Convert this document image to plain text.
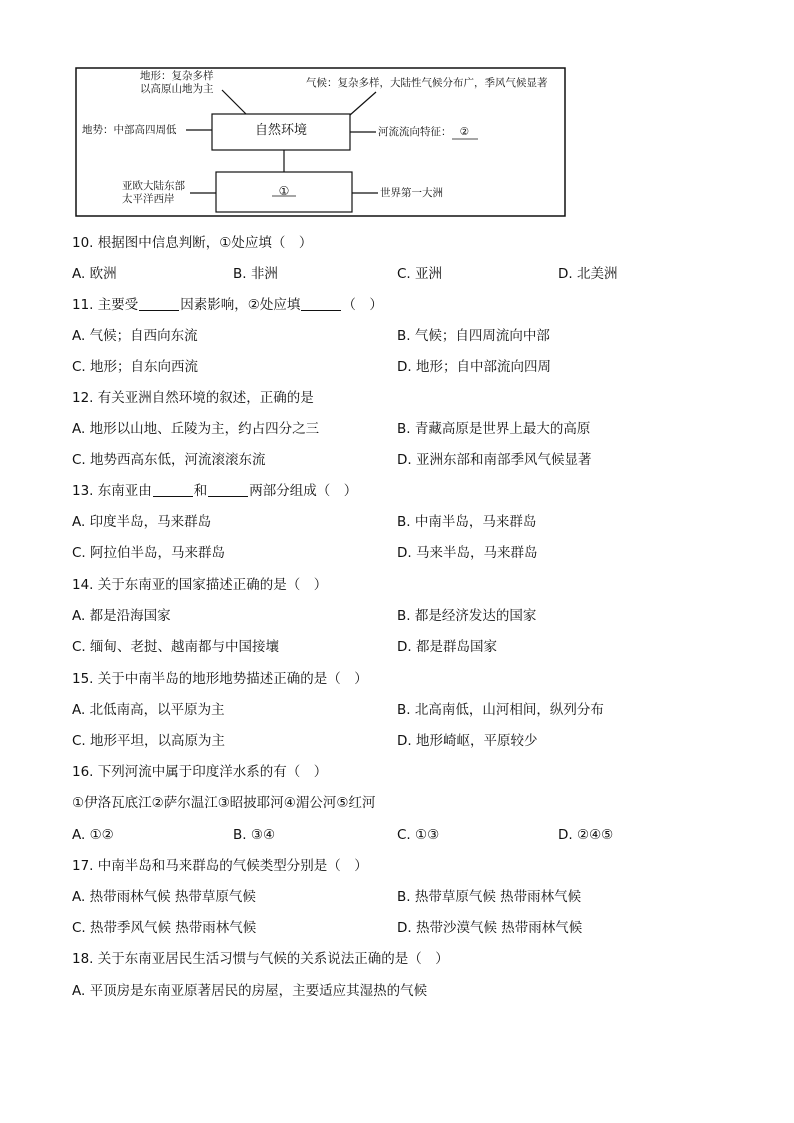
自然环境
①
地形：复杂多样
以高原山地为主	气候：复杂多样，大陆性气候分布广，季风气候显著
地势：中部高四周低	河流流向特征： ②
亚欧大陆东部
太平洋西岸	世界第一大洲
10. 根据图中信息判断，①处应填（　）
A. 欧洲	B. 非洲	C. 亚洲	D. 北美洲
11. 主要受	因素影响，②处应填	（　）
A. 气候；自西向东流	B. 气候；自四周流向中部
C. 地形；自东向西流	D. 地形；自中部流向四周
12. 有关亚洲自然环境的叙述，正确的是
A. 地形以山地、丘陵为主，约占四分之三	B. 青藏高原是世界上最大的高原
C. 地势西高东低，河流滚滚东流	D. 亚洲东部和南部季风气候显著
13. 东南亚由	和	两部分组成（　）
A. 印度半岛，马来群岛	B. 中南半岛，马来群岛
C. 阿拉伯半岛，马来群岛	D. 马来半岛，马来群岛
14. 关于东南亚的国家描述正确的是（　）
A. 都是沿海国家	B. 都是经济发达的国家
C. 缅甸、老挝、越南都与中国接壤	D. 都是群岛国家
15. 关于中南半岛的地形地势描述正确的是（　）
A. 北低南高，以平原为主	B. 北高南低，山河相间，纵列分布
C. 地形平坦，以高原为主	D. 地形崎岖，平原较少
16. 下列河流中属于印度洋水系的有（　）
①伊洛瓦底江②萨尔温江③昭披耶河④湄公河⑤红河
A. ①②	B. ③④	C. ①③	D. ②④⑤
17. 中南半岛和马来群岛的气候类型分别是（　）
A. 热带雨林气候 热带草原气候	B. 热带草原气候 热带雨林气候
C. 热带季风气候 热带雨林气候	D. 热带沙漠气候 热带雨林气候
18. 关于东南亚居民生活习惯与气候的关系说法正确的是（　）
A. 平顶房是东南亚原著居民的房屋，主要适应其湿热的气候
